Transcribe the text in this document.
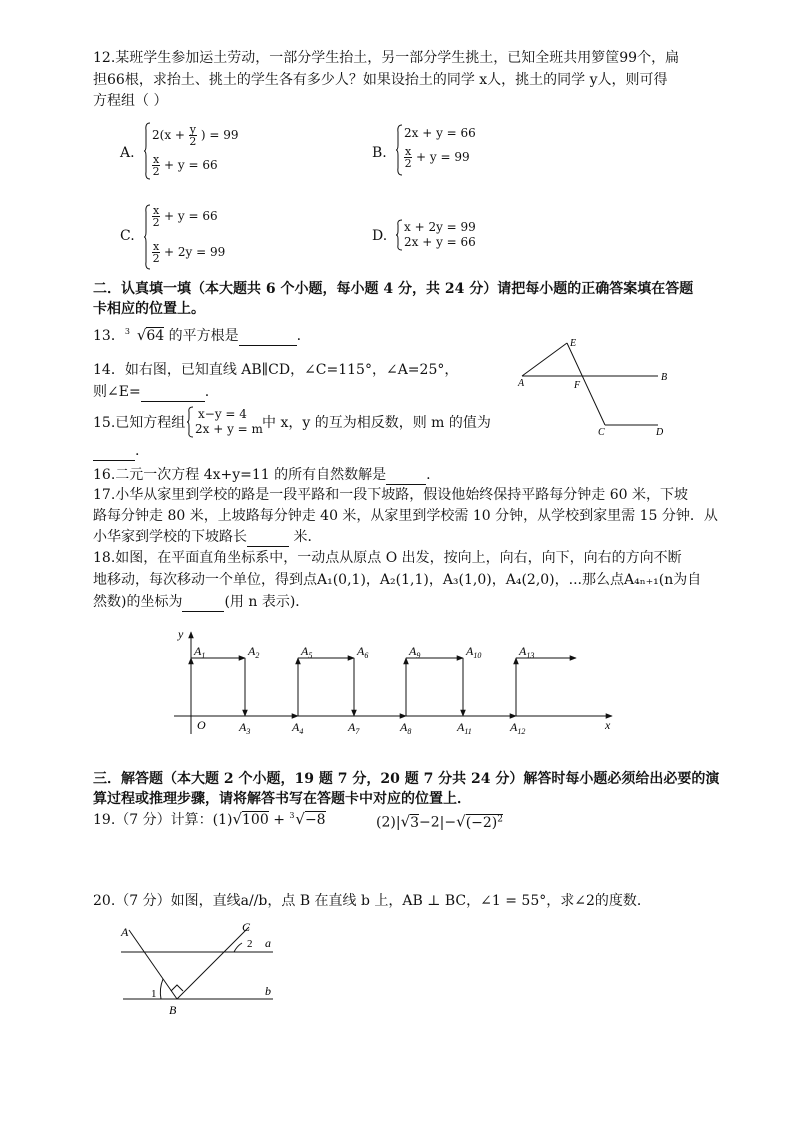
12.某班学生参加运土劳动，一部分学生抬土，另一部分学生挑土，已知全班共用箩筐99个，扁
担66根，求抬土、挑土的学生各有多少人？如果设抬土的同学 x人，挑土的同学 y人，则可得
方程组（ ）
A.
$2(x + \frac{y}{2}$ ) = 99
$\frac{x}{2} + y = 66$
B.
2x + y = 66
$\frac{x}{2} + y = 99$
C.
$\frac{x}{2} + y = 66$
$\frac{x}{2} + 2y = 99$
D.
x + 2y = 99
2x + y = 66
二．认真填一填（本大题共 6 个小题，每小题 4 分，共 24 分）请把每小题的正确答案填在答题
卡相应的位置上。
13． 3 √64 的平方根是	.
14．如右图，已知直线 AB∥CD，∠C=115°，∠A=25°，
则∠E=	.
E
A	F
B
C	D
15.已知方程组
x−y = 4
2x + y = m 中 x，y 的互为相反数，则 m 的值为
.
16.二元一次方程 4x+y=11 的所有自然数解是	.
17.小华从家里到学校的路是一段平路和一段下坡路，假设他始终保持平路每分钟走 60 米，下坡
路每分钟走 80 米，上坡路每分钟走 40 米，从家里到学校需 10 分钟，从学校到家里需 15 分钟．从
小华家到学校的下坡路长	米．
18.如图，在平面直角坐标系中，一动点从原点 O 出发，按向上，向右，向下，向右的方向不断
地移动，每次移动一个单位，得到点A₁(0,1)，A₂(1,1)，A₃(1,0)，A₄(2,0)，...那么点A₄ₙ₊₁(n为自
然数)的坐标为	(用 n 表示)．
y
x
O
$A_1$	$A_2$	$A_5$	$A_6$	$A_9$	$A_{10}$	$A_{13}$
$A_3$	$A_4$	$A_7$	$A_8$	$A_{11}$	$A_{12}$
三．解答题（本大题 2 个小题，19 题 7 分，20 题 7 分共 24 分）解答时每小题必须给出必要的演
算过程或推理步骤，请将解答书写在答题卡中对应的位置上．
19.（7 分）计算：(1)√100 + 3 √−8	$(2)|√3-2|-√(-2)^2$
20.（7 分）如图，直线a//b，点 B 在直线 b 上，AB ⊥ BC，∠1 = 55°，求∠2的度数．
A	C
2 a
1	b
B
